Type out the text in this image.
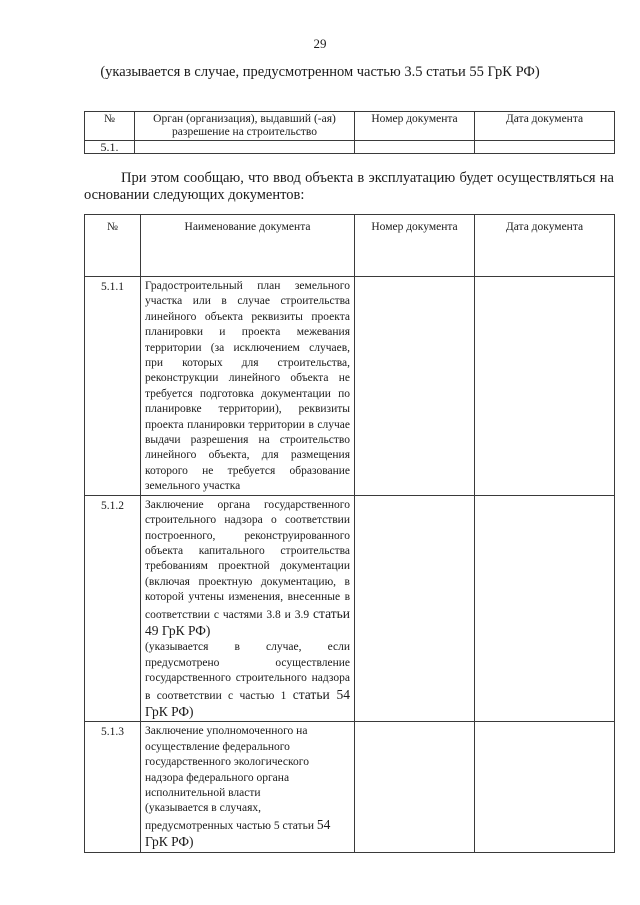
29
(указывается в случае, предусмотренном частью 3.5 статьи 55 ГрК РФ)
№	Орган (организация), выдавший (-ая) разрешение на строительство	Номер документа	Дата документа
5.1.			
При этом сообщаю, что ввод объекта в эксплуатацию будет осуществляться на основании следующих документов:
№	Наименование документа	Номер документа	Дата документа
5.1.1	Градостроительный план земельного участка или в случае строительства линейного объекта реквизиты проекта планировки и проекта межевания территории (за исключением случаев, при которых для строительства, реконструкции линейного объекта не требуется подготовка документации по планировке территории), реквизиты проекта планировки территории в случае выдачи разрешения на строительство линейного объекта, для размещения которого не требуется образование земельного участка		
5.1.2	Заключение органа государственного строительного надзора о соответствии построенного, реконструированного объекта капитального строительства требованиям проектной документации (включая проектную документацию, в которой учтены изменения, внесенные в соответствии с частями 3.8 и 3.9 статьи 49 ГрК РФ)
(указывается в случае, если предусмотрено осуществление государственного строительного надзора в соответствии с частью 1 статьи 54 ГрК РФ)		
5.1.3	Заключение уполномоченного на осуществление федерального государственного экологического надзора федерального органа исполнительной власти
(указывается в случаях, предусмотренных частью 5 статьи 54 ГрК РФ)		
